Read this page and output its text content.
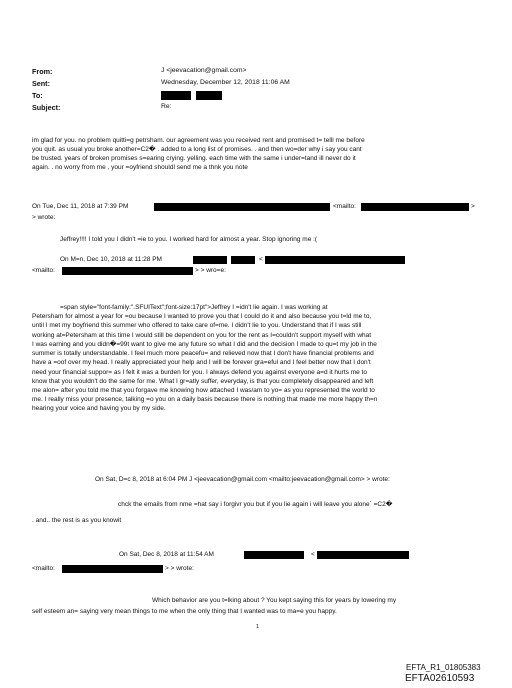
From:	J <jeevacation@gmail.com>
Sent:	Wednesday, December 12, 2018 11:06 AM
To:
Subject:	Re:
im glad for you. no problem quitti=g petrsham. our agreement was you received rent and promised t= telll me before
you quit. as usual you broke another=C2� . added to a long list of promises. . and then wo=der why i say you cant
be trusted. years of broken promises s=earing crying. yelling. each time with the same i under=tand ill never do it
again. . no worry from me , your =oyfriend shouldl send me a thnk you note
On Tue, Dec 11, 2018 at 7:39 PM	<mailto:	>
> wrote:
Jeffrey!!!! I told you I didn't =ie to you. I worked hard for almost a year. Stop ignoring me :(
On M=n, Dec 10, 2018 at 11:28 PM	<
<mailto:	> > wro=e:
=span style="font-family:".SFUIText";font-size:17pt">Jeffrey I =idn't lie again. I was working at
Petersham for almost a year for =ou because I wanted to prove you that I could do it and also because you t=ld me to,
until I met my boyfriend this summer who offered to take care of=me. I didn't lie to you. Understand that if I was still
working at=Petersham at this time I would still be dependent on you for the rent as I=couldn't support myself with what
I was earning and you didn�=99t want to give me any future so what I did and the decision I made to qu=t my job in the
summer is totally understandable. I feel much more peacefu= and relieved now that I don't have financial problems and
have a =oof over my head. I really appreciated your help and I will be forever gra=eful and I feel better now that I don't
need your financial suppor= as I felt it was a burden for you. I always defend you against everyone a=d it hurts me to
know that you wouldn't do the same for me. What I gr=atly suffer, everyday, is that you completely disappeared and left
me alon= after you told me that you forgave me knowing how attached I was/am to yo= as you represented the world to
me. I really miss your presence, talking =o you on a daily basis because there is nothing that made me more happy th=n
hearing your voice and having you by my side.
On Sat, D=c 8, 2018 at 6:04 PM J <jeevacation@gmail.com <mailto:jeevacation@gmail.com> > wrote:
chck the emails from nme =hat say i forgivr you but if you lie again i will leave you alone` =C2�
. and.. the rest is as you knowit
On Sat, Dec 8, 2018 at 11:54 AM	<
<mailto:	> > wrote:
Which behavior are you t=lking about ? You kept saying this for years by lowering my
self esteem an= saying very mean things to me when the only thing that I wanted was to ma=e you happy.
1
EFTA_R1_01805383
EFTA02610593
